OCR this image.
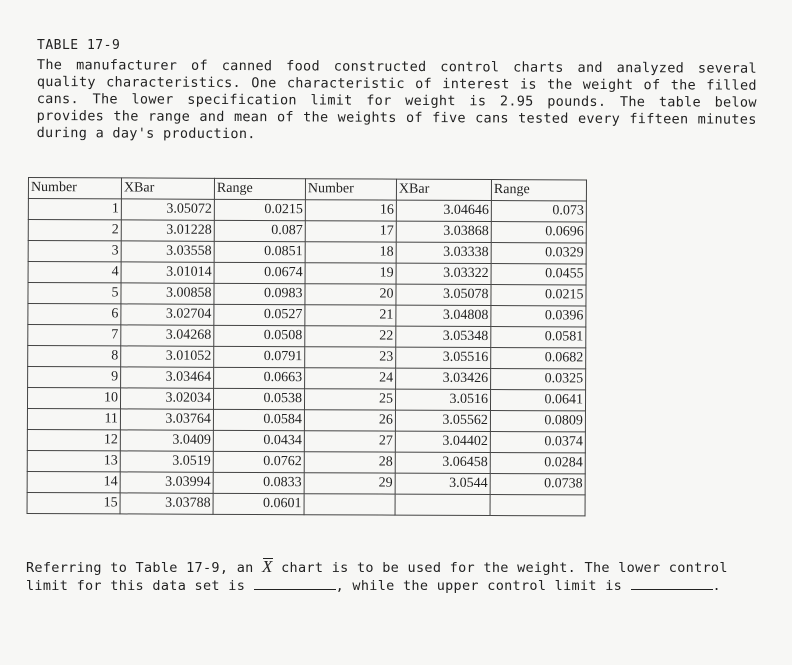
TABLE 17-9
The manufacturer of canned food constructed control charts and analyzed several quality characteristics. One characteristic of interest is the weight of the filled cans. The lower specification limit for weight is 2.95 pounds. The table below provides the range and mean of the weights of five cans tested every fifteen minutes during a day's production.
Number	XBar	Range	Number	XBar	Range
1	3.05072	0.0215	16	3.04646	0.073
2	3.01228	0.087	17	3.03868	0.0696
3	3.03558	0.0851	18	3.03338	0.0329
4	3.01014	0.0674	19	3.03322	0.0455
5	3.00858	0.0983	20	3.05078	0.0215
6	3.02704	0.0527	21	3.04808	0.0396
7	3.04268	0.0508	22	3.05348	0.0581
8	3.01052	0.0791	23	3.05516	0.0682
9	3.03464	0.0663	24	3.03426	0.0325
10	3.02034	0.0538	25	3.0516	0.0641
11	3.03764	0.0584	26	3.05562	0.0809
12	3.0409	0.0434	27	3.04402	0.0374
13	3.0519	0.0762	28	3.06458	0.0284
14	3.03994	0.0833	29	3.0544	0.0738
15	3.03788	0.0601			
Referring to Table 17-9, an X chart is to be used for the weight. The lower control limit for this data set is	, while the upper control limit is	.
